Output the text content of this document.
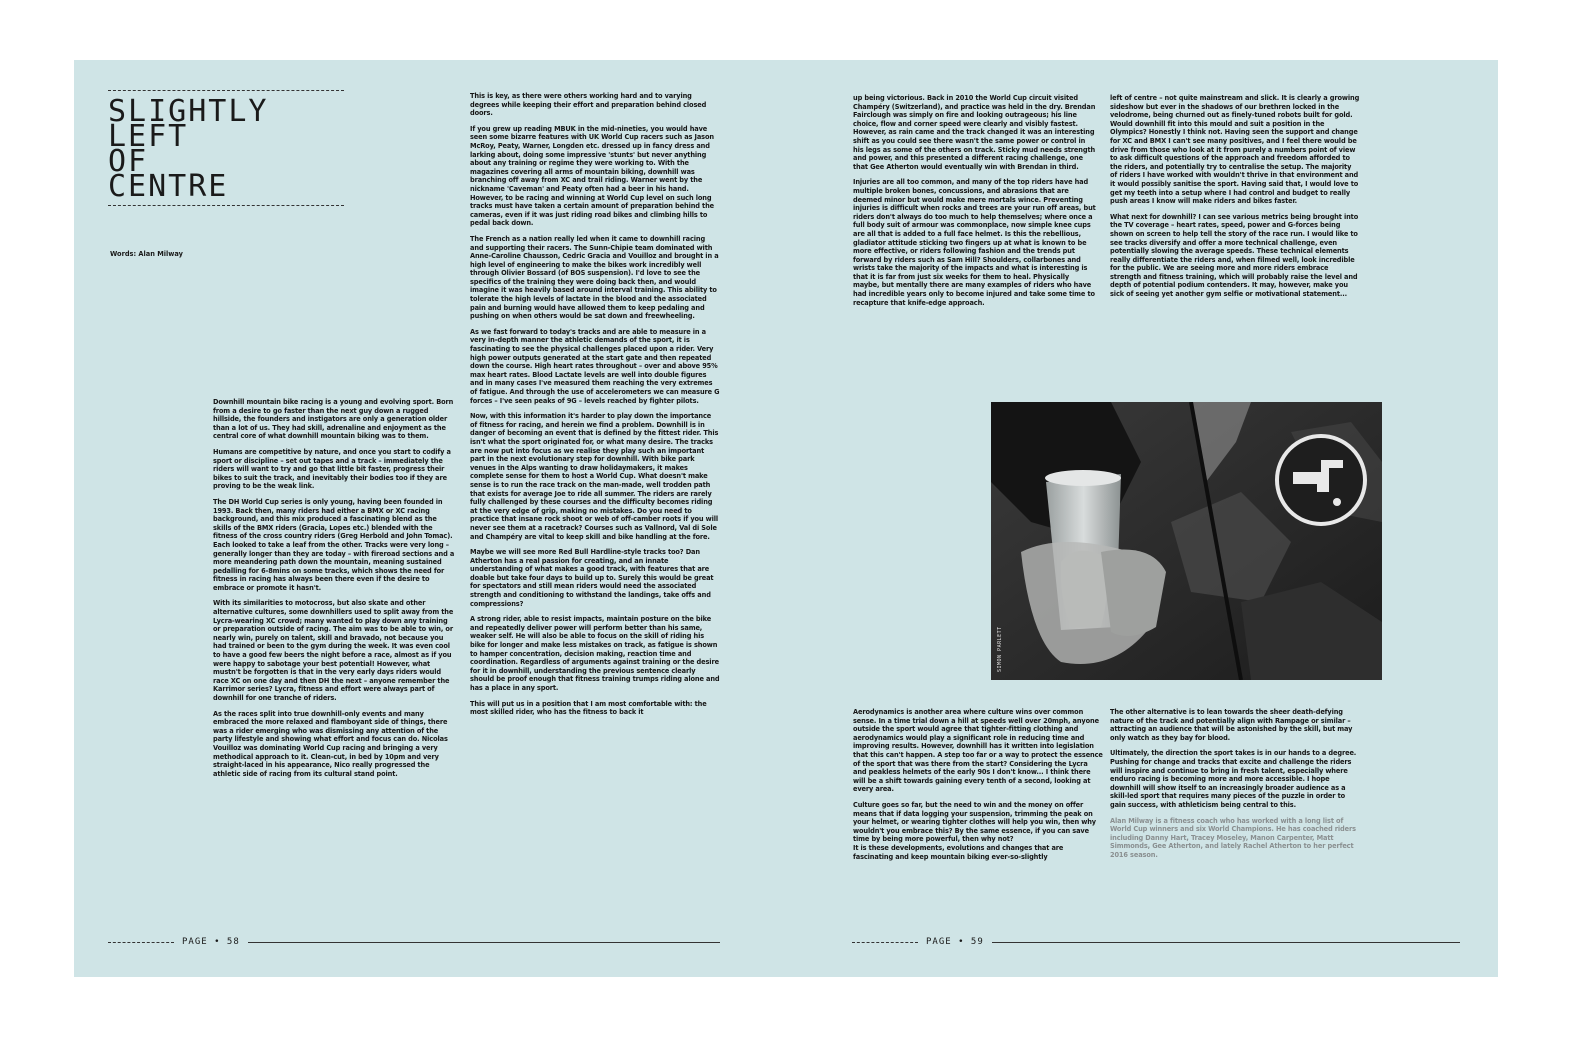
SLIGHTLY
LEFT
OF
CENTRE
Words: Alan Milway

Downhill mountain bike racing is a young and evolving sport. Born from a desire to go faster than the next guy down a rugged hillside, the founders and instigators are only a generation older than a lot of us. They had skill, adrenaline and enjoyment as the central core of what downhill mountain biking was to them.

Humans are competitive by nature, and once you start to codify a sport or discipline – set out tapes and a track – immediately the riders will want to try and go that little bit faster, progress their bikes to suit the track, and inevitably their bodies too if they are proving to be the weak link.

The DH World Cup series is only young, having been founded in 1993. Back then, many riders had either a BMX or XC racing background, and this mix produced a fascinating blend as the skills of the BMX riders (Gracia, Lopes etc.) blended with the fitness of the cross country riders (Greg Herbold and John Tomac). Each looked to take a leaf from the other. Tracks were very long – generally longer than they are today – with fireroad sections and a more meandering path down the mountain, meaning sustained pedalling for 6-8mins on some tracks, which shows the need for fitness in racing has always been there even if the desire to embrace or promote it hasn't.

With its similarities to motocross, but also skate and other alternative cultures, some downhillers used to split away from the Lycra-wearing XC crowd; many wanted to play down any training or preparation outside of racing. The aim was to be able to win, or nearly win, purely on talent, skill and bravado, not because you had trained or been to the gym during the week. It was even cool to have a good few beers the night before a race, almost as if you were happy to sabotage your best potential! However, what mustn't be forgotten is that in the very early days riders would race XC on one day and then DH the next – anyone remember the Karrimor series? Lycra, fitness and effort were always part of downhill for one tranche of riders.

As the races split into true downhill-only events and many embraced the more relaxed and flamboyant side of things, there was a rider emerging who was dismissing any attention of the party lifestyle and showing what effort and focus can do. Nicolas Vouilloz was dominating World Cup racing and bringing a very methodical approach to it. Clean-cut, in bed by 10pm and very straight-laced in his appearance, Nico really progressed the athletic side of racing from its cultural stand point.

This is key, as there were others working hard and to varying degrees while keeping their effort and preparation behind closed doors.

If you grew up reading MBUK in the mid-nineties, you would have seen some bizarre features with UK World Cup racers such as Jason McRoy, Peaty, Warner, Longden etc. dressed up in fancy dress and larking about, doing some impressive 'stunts' but never anything about any training or regime they were working to. With the magazines covering all arms of mountain biking, downhill was branching off away from XC and trail riding. Warner went by the nickname 'Caveman' and Peaty often had a beer in his hand. However, to be racing and winning at World Cup level on such long tracks must have taken a certain amount of preparation behind the cameras, even if it was just riding road bikes and climbing hills to pedal back down.

The French as a nation really led when it came to downhill racing and supporting their racers. The Sunn-Chipie team dominated with Anne-Caroline Chausson, Cedric Gracia and Vouilloz and brought in a high level of engineering to make the bikes work incredibly well through Olivier Bossard (of BOS suspension). I'd love to see the specifics of the training they were doing back then, and would imagine it was heavily based around interval training. This ability to tolerate the high levels of lactate in the blood and the associated pain and burning would have allowed them to keep pedaling and pushing on when others would be sat down and freewheeling.

As we fast forward to today's tracks and are able to measure in a very in-depth manner the athletic demands of the sport, it is fascinating to see the physical challenges placed upon a rider. Very high power outputs generated at the start gate and then repeated down the course. High heart rates throughout – over and above 95% max heart rates. Blood Lactate levels are well into double figures and in many cases I've measured them reaching the very extremes of fatigue. And through the use of accelerometers we can measure G forces – I've seen peaks of 9G – levels reached by fighter pilots.

Now, with this information it's harder to play down the importance of fitness for racing, and herein we find a problem. Downhill is in danger of becoming an event that is defined by the fittest rider. This isn't what the sport originated for, or what many desire. The tracks are now put into focus as we realise they play such an important part in the next evolutionary step for downhill. With bike park venues in the Alps wanting to draw holidaymakers, it makes complete sense for them to host a World Cup. What doesn't make sense is to run the race track on the man-made, well trodden path that exists for average Joe to ride all summer. The riders are rarely fully challenged by these courses and the difficulty becomes riding at the very edge of grip, making no mistakes. Do you need to practice that insane rock shoot or web of off-camber roots if you will never see them at a racetrack? Courses such as Vallnord, Val di Sole and Champéry are vital to keep skill and bike handling at the fore.

Maybe we will see more Red Bull Hardline-style tracks too? Dan Atherton has a real passion for creating, and an innate understanding of what makes a good track, with features that are doable but take four days to build up to. Surely this would be great for spectators and still mean riders would need the associated strength and conditioning to withstand the landings, take offs and compressions?

A strong rider, able to resist impacts, maintain posture on the bike and repeatedly deliver power will perform better than his same, weaker self. He will also be able to focus on the skill of riding his bike for longer and make less mistakes on track, as fatigue is shown to hamper concentration, decision making, reaction time and coordination. Regardless of arguments against training or the desire for it in downhill, understanding the previous sentence clearly should be proof enough that fitness training trumps riding alone and has a place in any sport.

This will put us in a position that I am most comfortable with: the most skilled rider, who has the fitness to back it

up being victorious. Back in 2010 the World Cup circuit visited Champéry (Switzerland), and practice was held in the dry. Brendan Fairclough was simply on fire and looking outrageous; his line choice, flow and corner speed were clearly and visibly fastest. However, as rain came and the track changed it was an interesting shift as you could see there wasn't the same power or control in his legs as some of the others on track. Sticky mud needs strength and power, and this presented a different racing challenge, one that Gee Atherton would eventually win with Brendan in third.

Injuries are all too common, and many of the top riders have had multiple broken bones, concussions, and abrasions that are deemed minor but would make mere mortals wince. Preventing injuries is difficult when rocks and trees are your run off areas, but riders don't always do too much to help themselves; where once a full body suit of armour was commonplace, now simple knee cups are all that is added to a full face helmet. Is this the rebellious, gladiator attitude sticking two fingers up at what is known to be more effective, or riders following fashion and the trends put forward by riders such as Sam Hill? Shoulders, collarbones and wrists take the majority of the impacts and what is interesting is that it is far from just six weeks for them to heal. Physically maybe, but mentally there are many examples of riders who have had incredible years only to become injured and take some time to recapture that knife-edge approach.

left of centre – not quite mainstream and slick. It is clearly a growing sideshow but ever in the shadows of our brethren locked in the velodrome, being churned out as finely-tuned robots built for gold. Would downhill fit into this mould and suit a position in the Olympics? Honestly I think not. Having seen the support and change for XC and BMX I can't see many positives, and I feel there would be drive from those who look at it from purely a numbers point of view to ask difficult questions of the approach and freedom afforded to the riders, and potentially try to centralise the setup. The majority of riders I have worked with wouldn't thrive in that environment and it would possibly sanitise the sport. Having said that, I would love to get my teeth into a setup where I had control and budget to really push areas I know will make riders and bikes faster.

What next for downhill? I can see various metrics being brought into the TV coverage – heart rates, speed, power and G-forces being shown on screen to help tell the story of the race run. I would like to see tracks diversify and offer a more technical challenge, even potentially slowing the average speeds. These technical elements really differentiate the riders and, when filmed well, look incredible for the public. We are seeing more and more riders embrace strength and fitness training, which will probably raise the level and depth of potential podium contenders. It may, however, make you sick of seeing yet another gym selfie or motivational statement...

SIMON PARLETT

Aerodynamics is another area where culture wins over common sense. In a time trial down a hill at speeds well over 20mph, anyone outside the sport would agree that tighter-fitting clothing and aerodynamics would play a significant role in reducing time and improving results. However, downhill has it written into legislation that this can't happen. A step too far or a way to protect the essence of the sport that was there from the start? Considering the Lycra and peakless helmets of the early 90s I don't know... I think there will be a shift towards gaining every tenth of a second, looking at every area.

Culture goes so far, but the need to win and the money on offer means that if data logging your suspension, trimming the peak on your helmet, or wearing tighter clothes will help you win, then why wouldn't you embrace this? By the same essence, if you can save time by being more powerful, then why not?

It is these developments, evolutions and changes that are fascinating and keep mountain biking ever-so-slightly

The other alternative is to lean towards the sheer death-defying nature of the track and potentially align with Rampage or similar – attracting an audience that will be astonished by the skill, but may only watch as they bay for blood.

Ultimately, the direction the sport takes is in our hands to a degree. Pushing for change and tracks that excite and challenge the riders will inspire and continue to bring in fresh talent, especially where enduro racing is becoming more and more accessible. I hope downhill will show itself to an increasingly broader audience as a skill-led sport that requires many pieces of the puzzle in order to gain success, with athleticism being central to this.

Alan Milway is a fitness coach who has worked with a long list of World Cup winners and six World Champions. He has coached riders including Danny Hart, Tracey Moseley, Manon Carpenter, Matt Simmonds, Gee Atherton, and lately Rachel Atherton to her perfect 2016 season.

PAGE • 58	PAGE • 59
